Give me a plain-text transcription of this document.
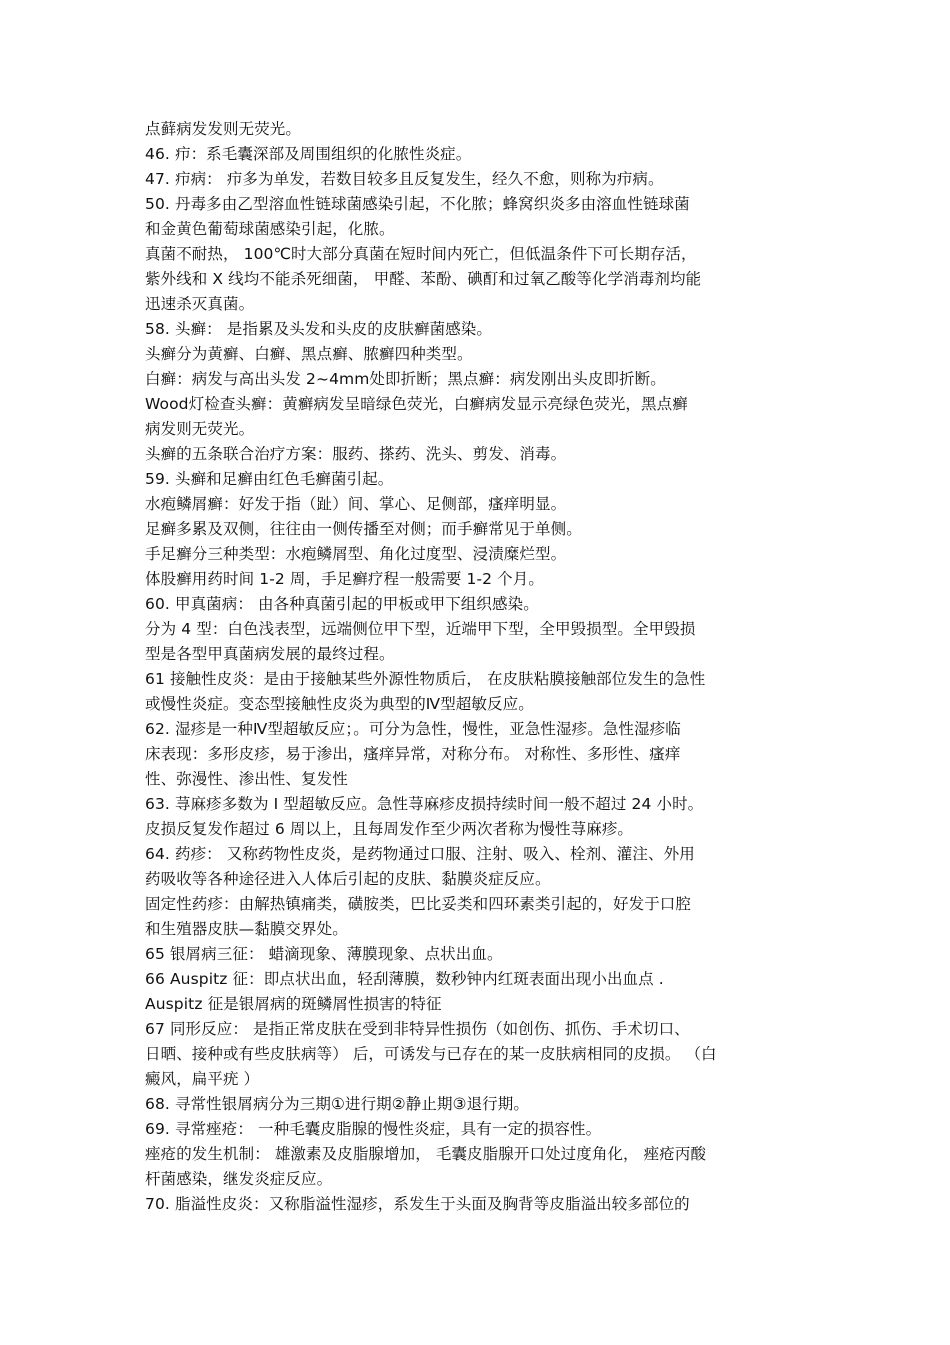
点藓病发发则无荧光。
46. 疖：系毛囊深部及周围组织的化脓性炎症。
47. 疖病： 疖多为单发，若数目较多且反复发生，经久不愈，则称为疖病。
50. 丹毒多由乙型溶血性链球菌感染引起，不化脓；蜂窝织炎多由溶血性链球菌
和金黄色葡萄球菌感染引起，化脓。
真菌不耐热， 100℃时大部分真菌在短时间内死亡，但低温条件下可长期存活，
紫外线和 X 线均不能杀死细菌， 甲醛、苯酚、碘酊和过氧乙酸等化学消毒剂均能
迅速杀灭真菌。
58. 头癣： 是指累及头发和头皮的皮肤癣菌感染。
头癣分为黄癣、白癣、黑点癣、脓癣四种类型。
白癣：病发与高出头发 2~4mm处即折断；黑点癣：病发刚出头皮即折断。
Wood灯检查头癣：黄癣病发呈暗绿色荧光，白癣病发显示亮绿色荧光，黑点癣
病发则无荧光。
头癣的五条联合治疗方案：服药、搽药、洗头、剪发、消毒。
59. 头癣和足癣由红色毛癣菌引起。
水疱鳞屑癣：好发于指（趾）间、掌心、足侧部，瘙痒明显。
足癣多累及双侧，往往由一侧传播至对侧；而手癣常见于单侧。
手足癣分三种类型：水疱鳞屑型、角化过度型、浸渍糜烂型。
体股癣用药时间 1-2 周，手足癣疗程一般需要 1-2 个月。
60. 甲真菌病： 由各种真菌引起的甲板或甲下组织感染。
分为 4 型：白色浅表型，远端侧位甲下型，近端甲下型，全甲毁损型。全甲毁损
型是各型甲真菌病发展的最终过程。
61 接触性皮炎：是由于接触某些外源性物质后， 在皮肤粘膜接触部位发生的急性
或慢性炎症。变态型接触性皮炎为典型的Ⅳ型超敏反应。
62. 湿疹是一种Ⅳ型超敏反应；。可分为急性，慢性，亚急性湿疹。急性湿疹临
床表现：多形皮疹，易于渗出，瘙痒异常，对称分布。 对称性、多形性、瘙痒
性、弥漫性、渗出性、复发性
63. 荨麻疹多数为 I 型超敏反应。急性荨麻疹皮损持续时间一般不超过 24 小时。
皮损反复发作超过 6 周以上，且每周发作至少两次者称为慢性荨麻疹。
64. 药疹： 又称药物性皮炎，是药物通过口服、注射、吸入、栓剂、灌注、外用
药吸收等各种途径进入人体后引起的皮肤、黏膜炎症反应。
固定性药疹：由解热镇痛类，磺胺类，巴比妥类和四环素类引起的，好发于口腔
和生殖器皮肤—黏膜交界处。
65 银屑病三征： 蜡滴现象、薄膜现象、点状出血。
66 Auspitz 征：即点状出血，轻刮薄膜，数秒钟内红斑表面出现小出血点 .
Auspitz 征是银屑病的斑鳞屑性损害的特征
67 同形反应： 是指正常皮肤在受到非特异性损伤（如创伤、抓伤、手术切口、
日晒、接种或有些皮肤病等） 后，可诱发与已存在的某一皮肤病相同的皮损。 （白
癜风，扁平疣 ）
68. 寻常性银屑病分为三期①进行期②静止期③退行期。
69. 寻常痤疮： 一种毛囊皮脂腺的慢性炎症，具有一定的损容性。
痤疮的发生机制： 雄激素及皮脂腺增加， 毛囊皮脂腺开口处过度角化， 痤疮丙酸
杆菌感染，继发炎症反应。
70. 脂溢性皮炎：又称脂溢性湿疹，系发生于头面及胸背等皮脂溢出较多部位的
